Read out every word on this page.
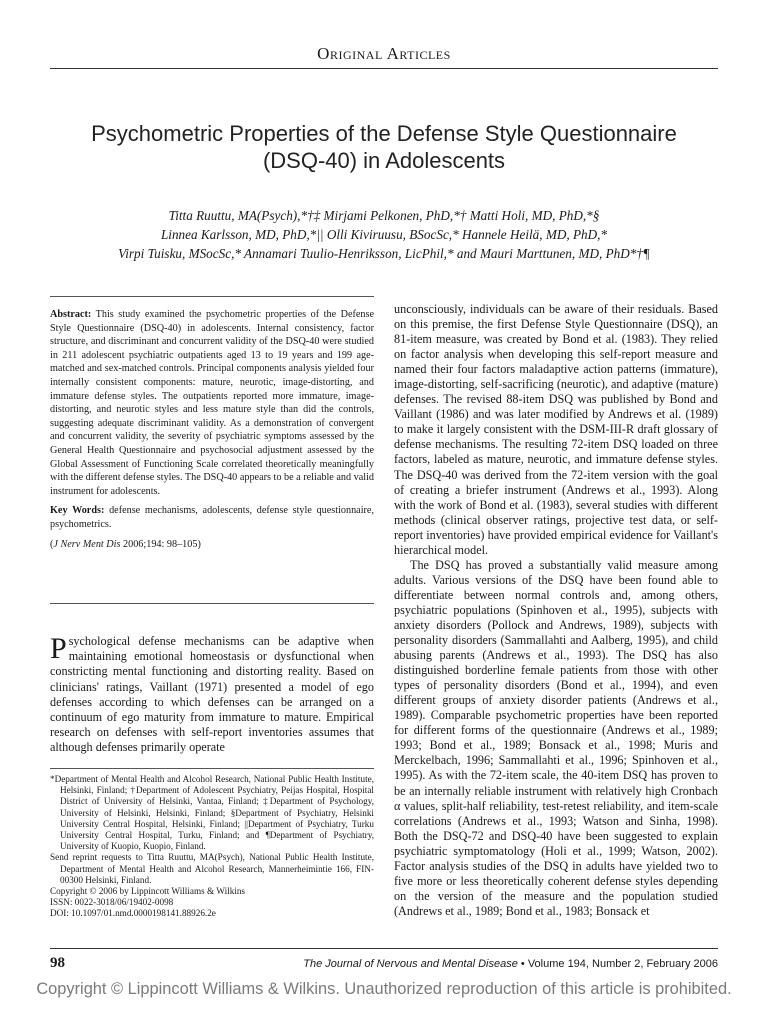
Original Articles
Psychometric Properties of the Defense Style Questionnaire
(DSQ-40) in Adolescents
Titta Ruuttu, MA(Psych),*†‡ Mirjami Pelkonen, PhD,*† Matti Holi, MD, PhD,*§
Linnea Karlsson, MD, PhD,*|| Olli Kiviruusu, BSocSc,* Hannele Heilä, MD, PhD,*
Virpi Tuisku, MSocSc,* Annamari Tuulio-Henriksson, LicPhil,* and Mauri Marttunen, MD, PhD*†¶

Abstract: This study examined the psychometric properties of the Defense Style Questionnaire (DSQ-40) in adolescents. Internal consistency, factor structure, and discriminant and concurrent validity of the DSQ-40 were studied in 211 adolescent psychiatric outpatients aged 13 to 19 years and 199 age-matched and sex-matched controls. Principal components analysis yielded four internally consistent components: mature, neurotic, image-distorting, and immature defense styles. The outpatients reported more immature, image-distorting, and neurotic styles and less mature style than did the controls, suggesting adequate discriminant validity. As a demonstration of convergent and concurrent validity, the severity of psychiatric symptoms assessed by the General Health Questionnaire and psychosocial adjustment assessed by the Global Assessment of Functioning Scale correlated theoretically meaningfully with the different defense styles. The DSQ-40 appears to be a reliable and valid instrument for adolescents.

Key Words: defense mechanisms, adolescents, defense style questionnaire, psychometrics.

(J Nerv Ment Dis 2006;194: 98–105)

Psychological defense mechanisms can be adaptive when maintaining emotional homeostasis or dysfunctional when constricting mental functioning and distorting reality. Based on clinicians' ratings, Vaillant (1971) presented a model of ego defenses according to which defenses can be arranged on a continuum of ego maturity from immature to mature. Empirical research on defenses with self-report inventories assumes that although defenses primarily operate

*Department of Mental Health and Alcohol Research, National Public Health Institute, Helsinki, Finland; †Department of Adolescent Psychiatry, Peijas Hospital, Hospital District of University of Helsinki, Vantaa, Finland; ‡Department of Psychology, University of Helsinki, Helsinki, Finland; §Department of Psychiatry, Helsinki University Central Hospital, Helsinki, Finland; ||Department of Psychiatry, Turku University Central Hospital, Turku, Finland; and ¶Department of Psychiatry, University of Kuopio, Kuopio, Finland.

Send reprint requests to Titta Ruuttu, MA(Psych), National Public Health Institute, Department of Mental Health and Alcohol Research, Mannerheimintie 166, FIN-00300 Helsinki, Finland.

Copyright © 2006 by Lippincott Williams & Wilkins

ISSN: 0022-3018/06/19402-0098

DOI: 10.1097/01.nmd.0000198141.88926.2e

unconsciously, individuals can be aware of their residuals. Based on this premise, the first Defense Style Questionnaire (DSQ), an 81-item measure, was created by Bond et al. (1983). They relied on factor analysis when developing this self-report measure and named their four factors maladaptive action patterns (immature), image-distorting, self-sacrificing (neurotic), and adaptive (mature) defenses. The revised 88-item DSQ was published by Bond and Vaillant (1986) and was later modified by Andrews et al. (1989) to make it largely consistent with the DSM-III-R draft glossary of defense mechanisms. The resulting 72-item DSQ loaded on three factors, labeled as mature, neurotic, and immature defense styles. The DSQ-40 was derived from the 72-item version with the goal of creating a briefer instrument (Andrews et al., 1993). Along with the work of Bond et al. (1983), several studies with different methods (clinical observer ratings, projective test data, or self-report inventories) have provided empirical evidence for Vaillant's hierarchical model.

The DSQ has proved a substantially valid measure among adults. Various versions of the DSQ have been found able to differentiate between normal controls and, among others, psychiatric populations (Spinhoven et al., 1995), subjects with anxiety disorders (Pollock and Andrews, 1989), subjects with personality disorders (Sammallahti and Aalberg, 1995), and child abusing parents (Andrews et al., 1993). The DSQ has also distinguished borderline female patients from those with other types of personality disorders (Bond et al., 1994), and even different groups of anxiety disorder patients (Andrews et al., 1989). Comparable psychometric properties have been reported for different forms of the questionnaire (Andrews et al., 1989; 1993; Bond et al., 1989; Bonsack et al., 1998; Muris and Merckelbach, 1996; Sammallahti et al., 1996; Spinhoven et al., 1995). As with the 72-item scale, the 40-item DSQ has proven to be an internally reliable instrument with relatively high Cronbach α values, split-half reliability, test-retest reliability, and item-scale correlations (Andrews et al., 1993; Watson and Sinha, 1998). Both the DSQ-72 and DSQ-40 have been suggested to explain psychiatric symptomatology (Holi et al., 1999; Watson, 2002). Factor analysis studies of the DSQ in adults have yielded two to five more or less theoretically coherent defense styles depending on the version of the measure and the population studied (Andrews et al., 1989; Bond et al., 1983; Bonsack et

98	The Journal of Nervous and Mental Disease • Volume 194, Number 2, February 2006
Copyright © Lippincott Williams & Wilkins. Unauthorized reproduction of this article is prohibited.
